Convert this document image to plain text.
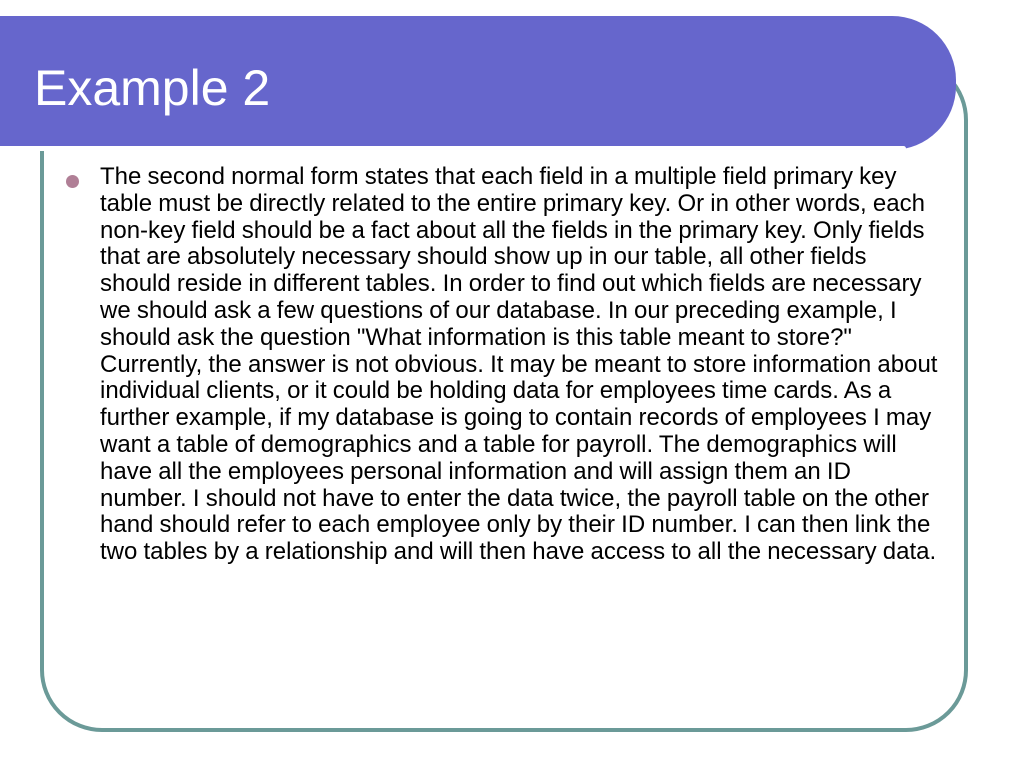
Example 2
The second normal form states that each field in a multiple field primary key table must be directly related to the entire primary key. Or in other words, each non-key field should be a fact about all the fields in the primary key. Only fields that are absolutely necessary should show up in our table, all other fields should reside in different tables. In order to find out which fields are necessary we should ask a few questions of our database. In our preceding example, I should ask the question "What information is this table meant to store?" Currently, the answer is not obvious. It may be meant to store information about individual clients, or it could be holding data for employees time cards. As a further example, if my database is going to contain records of employees I may want a table of demographics and a table for payroll. The demographics will have all the employees personal information and will assign them an ID number. I should not have to enter the data twice, the payroll table on the other hand should refer to each employee only by their ID number. I can then link the two tables by a relationship and will then have access to all the necessary data.
